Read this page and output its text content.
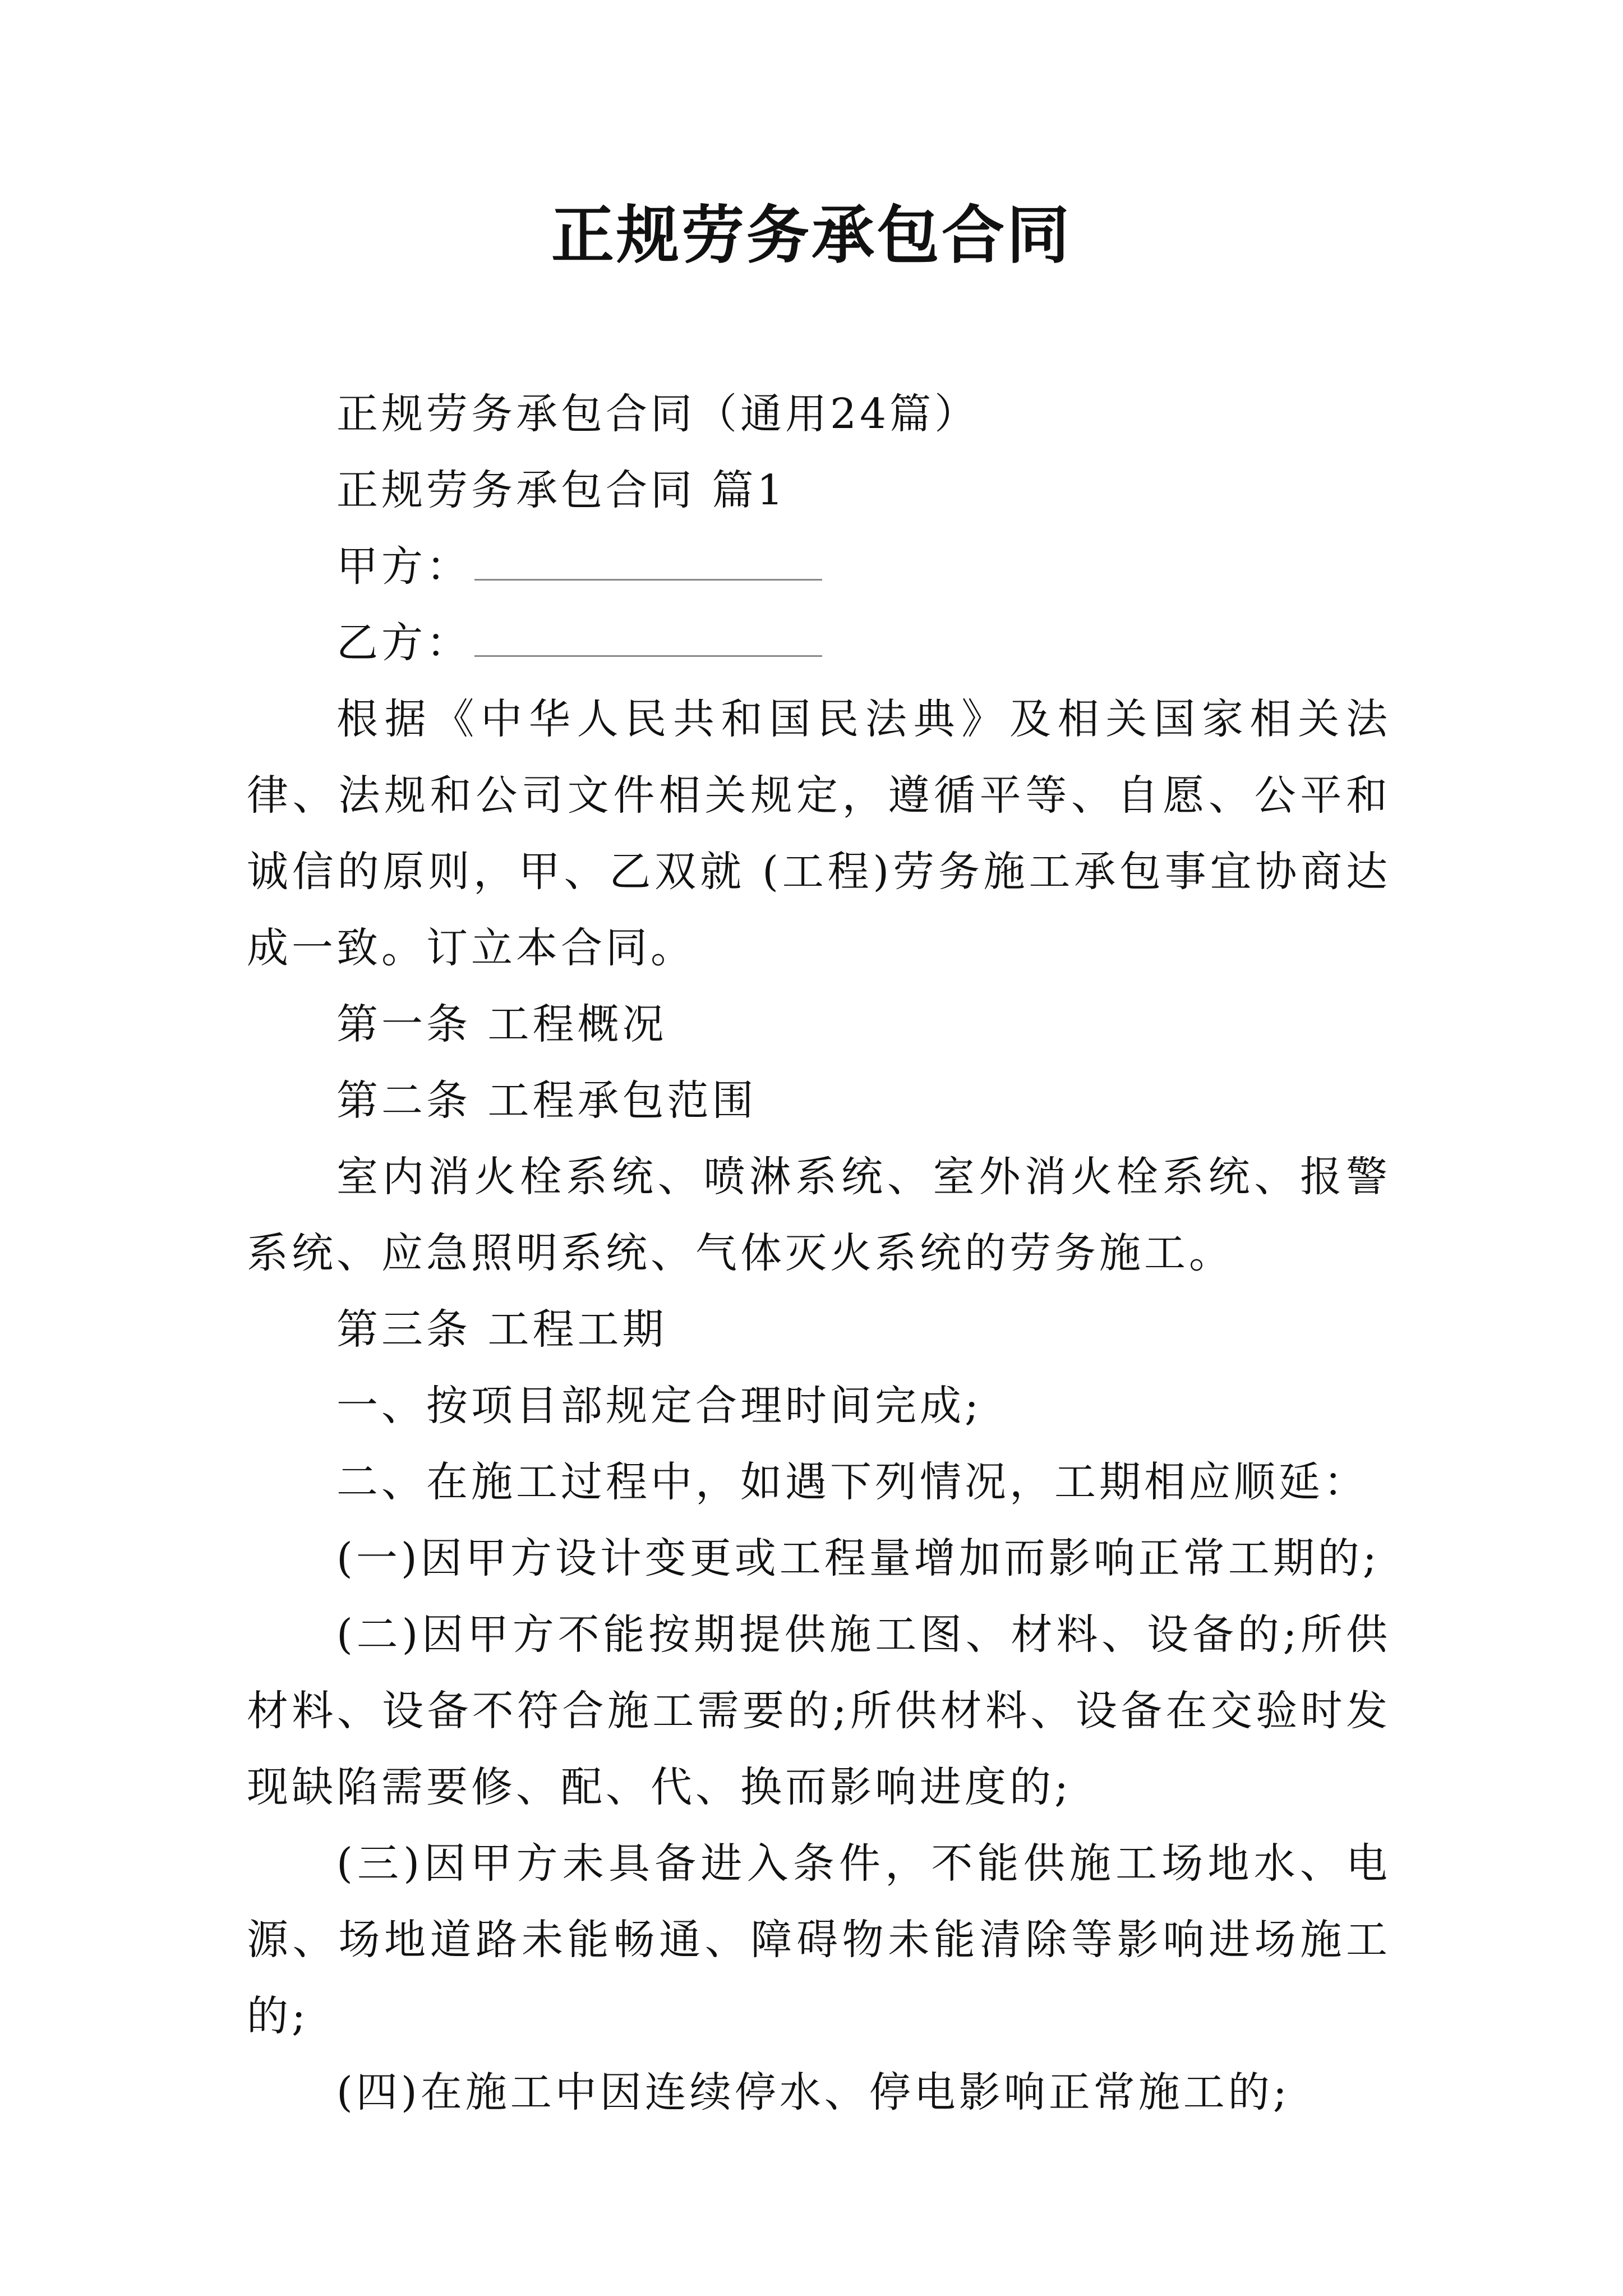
正规劳务承包合同

正规劳务承包合同（通用24篇）

正规劳务承包合同 篇1

甲方：

乙方：

根据《中华人民共和国民法典》及相关国家相关法律、法规和公司文件相关规定，遵循平等、自愿、公平和诚信的原则，甲、乙双就 (工程)劳务施工承包事宜协商达成一致。订立本合同。

第一条 工程概况

第二条 工程承包范围

室内消火栓系统、喷淋系统、室外消火栓系统、报警系统、应急照明系统、气体灭火系统的劳务施工。

第三条 工程工期

一、按项目部规定合理时间完成;

二、在施工过程中，如遇下列情况，工期相应顺延：

(一)因甲方设计变更或工程量增加而影响正常工期的;

(二)因甲方不能按期提供施工图、材料、设备的;所供材料、设备不符合施工需要的;所供材料、设备在交验时发现缺陷需要修、配、代、换而影响进度的;

(三)因甲方未具备进入条件，不能供施工场地水、电源、场地道路未能畅通、障碍物未能清除等影响进场施工的;

(四)在施工中因连续停水、停电影响正常施工的;
